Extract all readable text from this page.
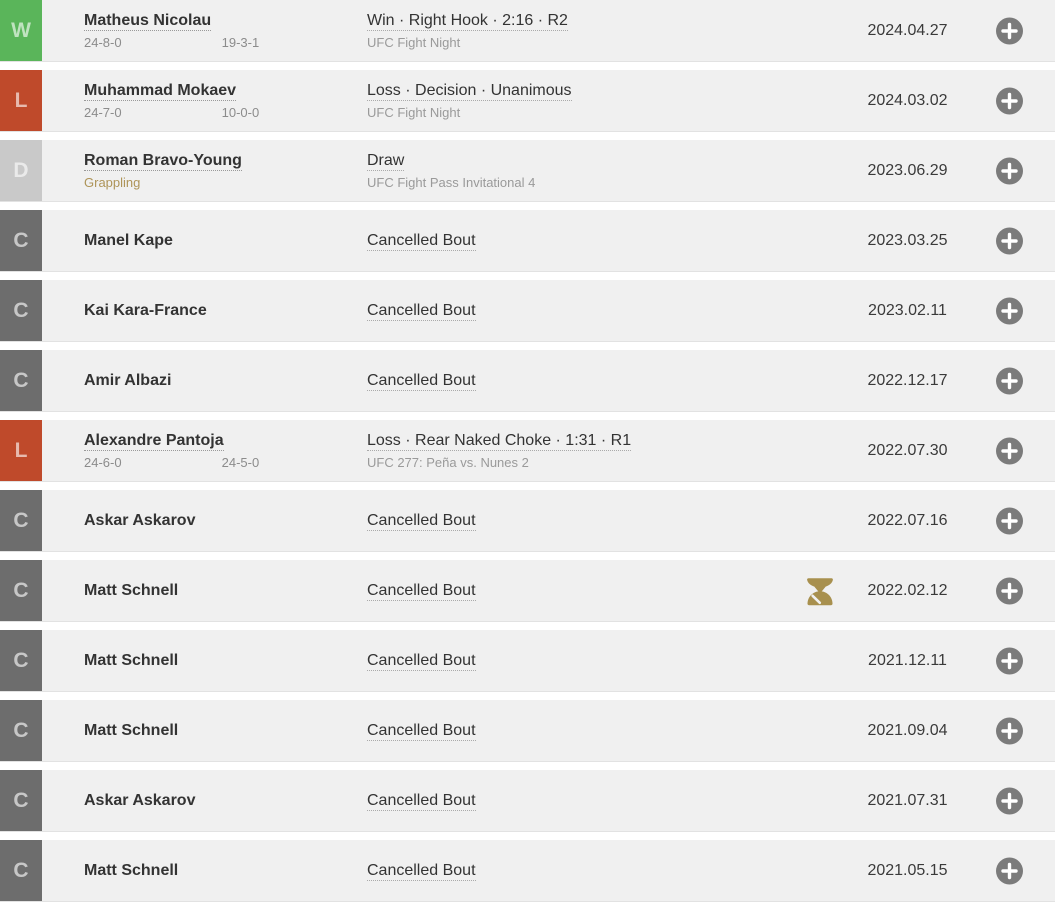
W	Matheus Nicolau
24-8-0	19-3-1
Win · Right Hook · 2:16 · R2
UFC Fight Night
2024.04.27
L	Muhammad Mokaev
24-7-0	10-0-0
Loss · Decision · Unanimous
UFC Fight Night
2024.03.02
D	Roman Bravo-Young
Grappling
Draw
UFC Fight Pass Invitational 4
2023.06.29
C	Manel Kape	Cancelled Bout	2023.03.25
C	Kai Kara-France	Cancelled Bout	2023.02.11
C	Amir Albazi	Cancelled Bout	2022.12.17
L	Alexandre Pantoja
24-6-0	24-5-0
Loss · Rear Naked Choke · 1:31 · R1
UFC 277: Peña vs. Nunes 2
2022.07.30
C	Askar Askarov	Cancelled Bout	2022.07.16
C	Matt Schnell	Cancelled Bout	2022.02.12
C	Matt Schnell	Cancelled Bout	2021.12.11
C	Matt Schnell	Cancelled Bout	2021.09.04
C	Askar Askarov	Cancelled Bout	2021.07.31
C	Matt Schnell	Cancelled Bout	2021.05.15
